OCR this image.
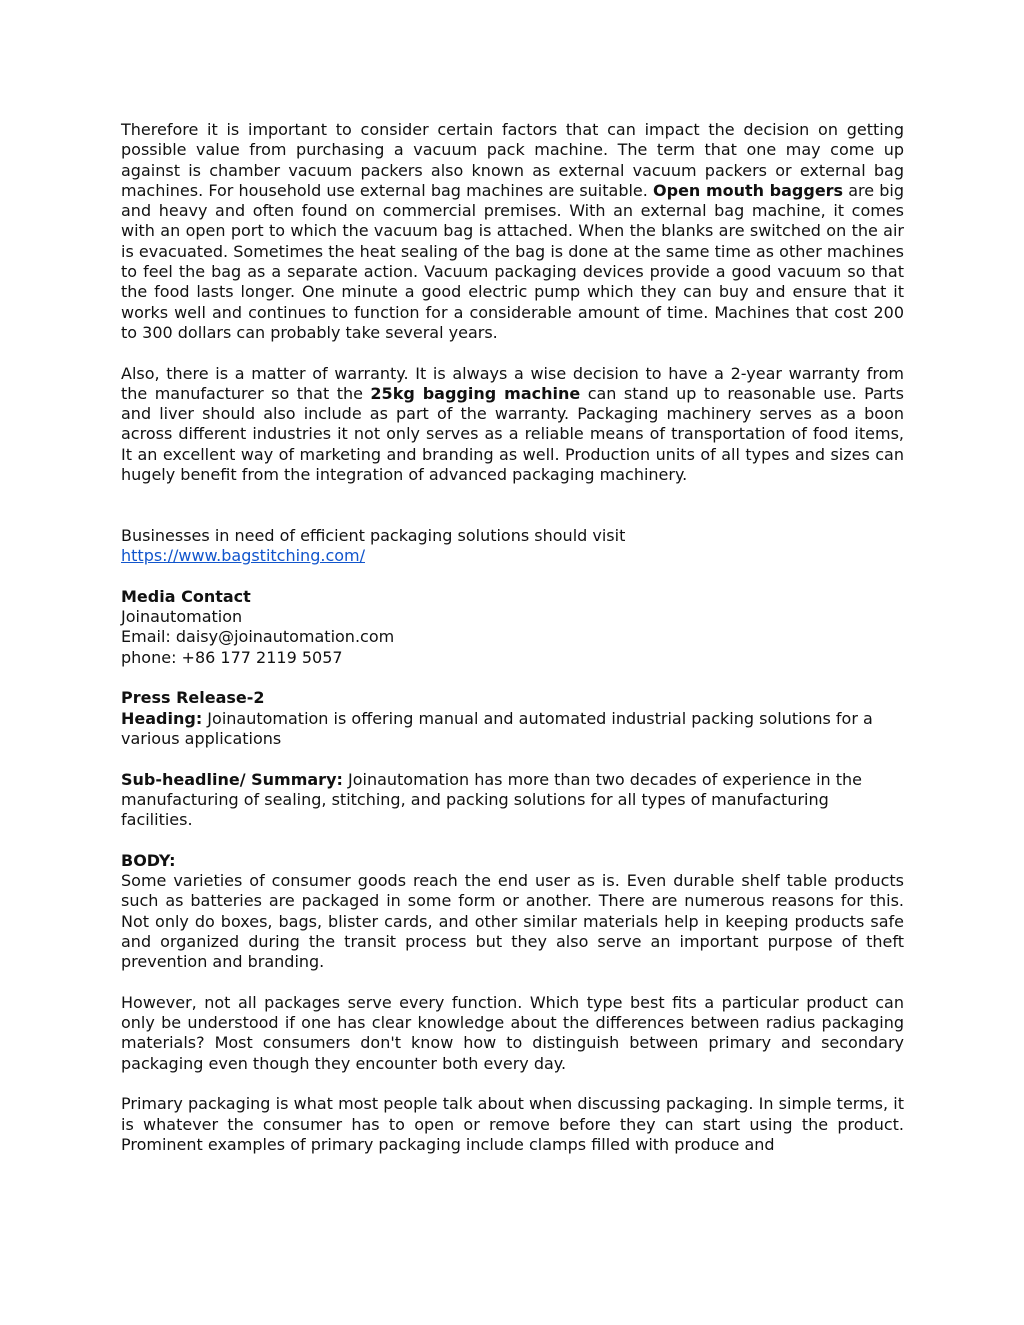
Therefore it is important to consider certain factors that can impact the decision on getting possible value from purchasing a vacuum pack machine. The term that one may come up against is chamber vacuum packers also known as external vacuum packers or external bag machines. For household use external bag machines are suitable. Open mouth baggers are big and heavy and often found on commercial premises. With an external bag machine, it comes with an open port to which the vacuum bag is attached. When the blanks are switched on the air is evacuated. Sometimes the heat sealing of the bag is done at the same time as other machines to feel the bag as a separate action. Vacuum packaging devices provide a good vacuum so that the food lasts longer. One minute a good electric pump which they can buy and ensure that it works well and continues to function for a considerable amount of time. Machines that cost 200 to 300 dollars can probably take several years.

Also, there is a matter of warranty. It is always a wise decision to have a 2-year warranty from the manufacturer so that the 25kg bagging machine can stand up to reasonable use. Parts and liver should also include as part of the warranty. Packaging machinery serves as a boon across different industries it not only serves as a reliable means of transportation of food items, It an excellent way of marketing and branding as well. Production units of all types and sizes can hugely benefit from the integration of advanced packaging machinery.

Businesses in need of efficient packaging solutions should visit
https://www.bagstitching.com/

Media Contact
Joinautomation
Email: daisy@joinautomation.com
phone: +86 177 2119 5057
Press Release-2

Heading: Joinautomation is offering manual and automated industrial packing solutions for a various applications

Sub-headline/ Summary: Joinautomation has more than two decades of experience in the manufacturing of sealing, stitching, and packing solutions for all types of manufacturing facilities.

BODY:

Some varieties of consumer goods reach the end user as is. Even durable shelf table products such as batteries are packaged in some form or another. There are numerous reasons for this. Not only do boxes, bags, blister cards, and other similar materials help in keeping products safe and organized during the transit process but they also serve an important purpose of theft prevention and branding.

However, not all packages serve every function. Which type best fits a particular product can only be understood if one has clear knowledge about the differences between radius packaging materials? Most consumers don't know how to distinguish between primary and secondary packaging even though they encounter both every day.

Primary packaging is what most people talk about when discussing packaging. In simple terms, it is whatever the consumer has to open or remove before they can start using the product. Prominent examples of primary packaging include clamps filled with produce and
